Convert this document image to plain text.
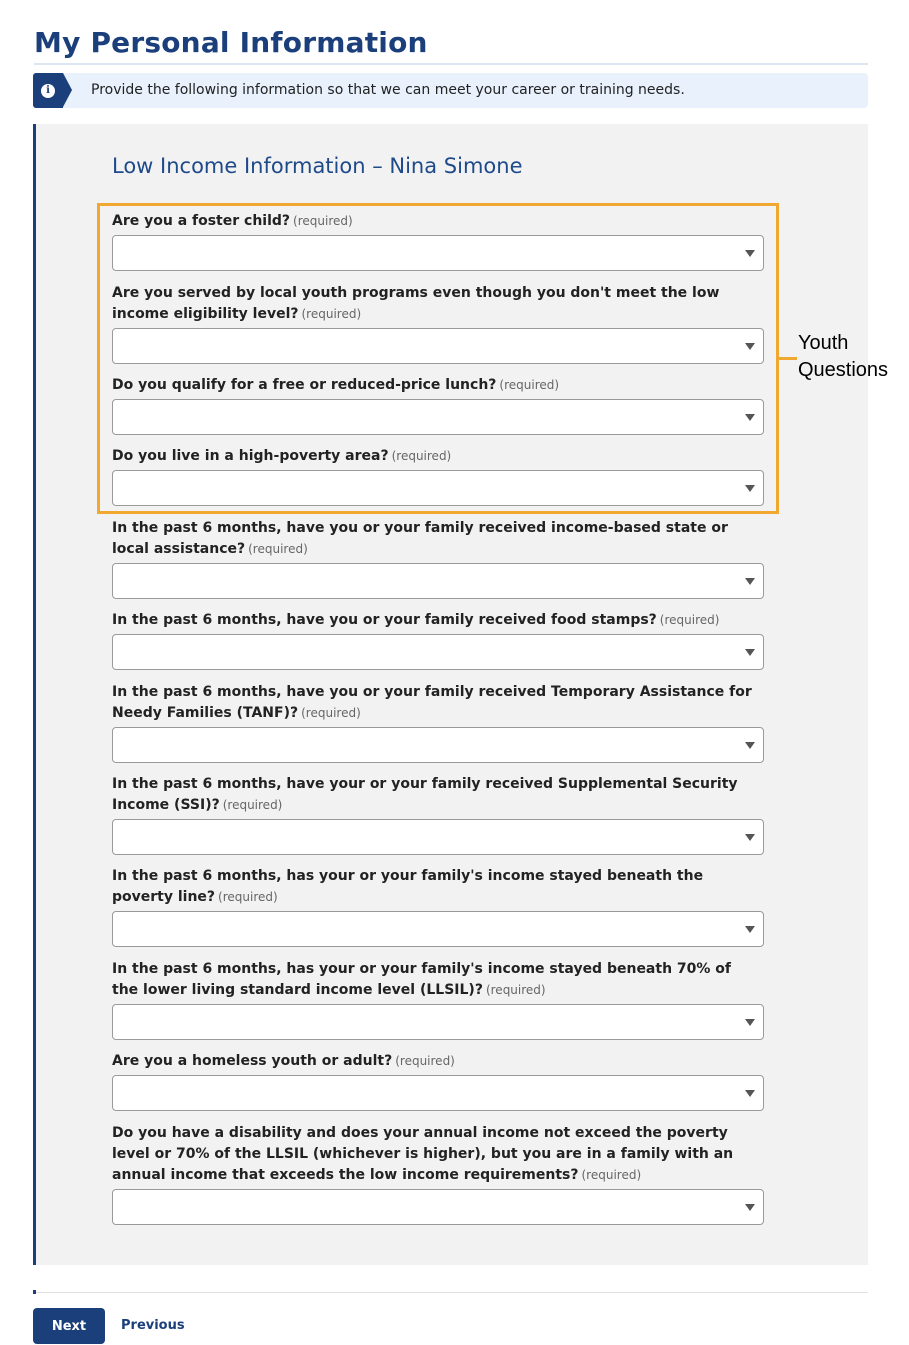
My Personal Information
i	Provide the following information so that we can meet your career or training needs.
Low Income Information – Nina Simone
Youth Questions
Are you a foster child? (required)
Are you served by local youth programs even though you don't meet the low income eligibility level? (required)
Do you qualify for a free or reduced-price lunch? (required)
Do you live in a high-poverty area? (required)
In the past 6 months, have you or your family received income-based state or local assistance? (required)
In the past 6 months, have you or your family received food stamps? (required)
In the past 6 months, have you or your family received Temporary Assistance for Needy Families (TANF)? (required)
In the past 6 months, have your or your family received Supplemental Security Income (SSI)? (required)
In the past 6 months, has your or your family's income stayed beneath the poverty line? (required)
In the past 6 months, has your or your family's income stayed beneath 70% of the lower living standard income level (LLSIL)? (required)
Are you a homeless youth or adult? (required)
Do you have a disability and does your annual income not exceed the poverty level or 70% of the LLSIL (whichever is higher), but you are in a family with an annual income that exceeds the low income requirements? (required)
Next	Previous
